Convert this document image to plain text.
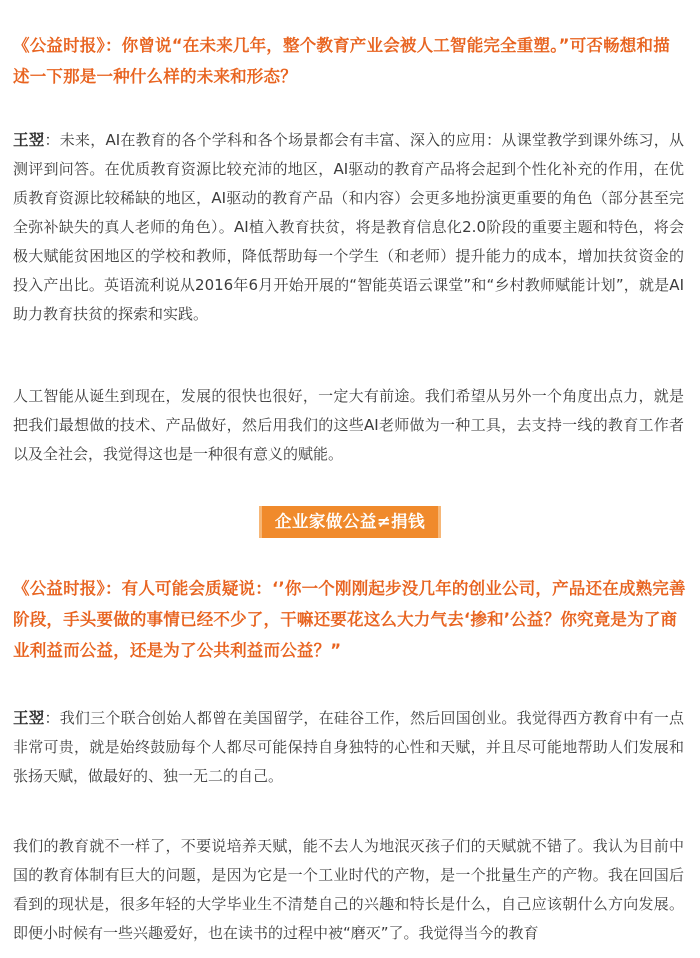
《公益时报》：你曾说“在未来几年，整个教育产业会被人工智能完全重塑。”可否畅想和描述一下那是一种什么样的未来和形态？

王翌：未来，AI在教育的各个学科和各个场景都会有丰富、深入的应用：从课堂教学到课外练习，从测评到问答。在优质教育资源比较充沛的地区，AI驱动的教育产品将会起到个性化补充的作用，在优质教育资源比较稀缺的地区，AI驱动的教育产品（和内容）会更多地扮演更重要的角色（部分甚至完全弥补缺失的真人老师的角色）。AI植入教育扶贫，将是教育信息化2.0阶段的重要主题和特色，将会极大赋能贫困地区的学校和教师，降低帮助每一个学生（和老师）提升能力的成本，增加扶贫资金的投入产出比。英语流利说从2016年6月开始开展的“智能英语云课堂”和“乡村教师赋能计划”，就是AI助力教育扶贫的探索和实践。

人工智能从诞生到现在，发展的很快也很好，一定大有前途。我们希望从另外一个角度出点力，就是把我们最想做的技术、产品做好，然后用我们的这些AI老师做为一种工具，去支持一线的教育工作者以及全社会，我觉得这也是一种很有意义的赋能。

企业家做公益≠捐钱

《公益时报》：有人可能会质疑说：‘’你一个刚刚起步没几年的创业公司，产品还在成熟完善阶段，手头要做的事情已经不少了，干嘛还要花这么大力气去‘掺和’公益？你究竟是为了商业利益而公益，还是为了公共利益而公益？”

王翌：我们三个联合创始人都曾在美国留学，在硅谷工作，然后回国创业。我觉得西方教育中有一点非常可贵，就是始终鼓励每个人都尽可能保持自身独特的心性和天赋，并且尽可能地帮助人们发展和张扬天赋，做最好的、独一无二的自己。

我们的教育就不一样了，不要说培养天赋，能不去人为地泯灭孩子们的天赋就不错了。我认为目前中国的教育体制有巨大的问题，是因为它是一个工业时代的产物，是一个批量生产的产物。我在回国后看到的现状是，很多年轻的大学毕业生不清楚自己的兴趣和特长是什么，自己应该朝什么方向发展。即便小时候有一些兴趣爱好，也在读书的过程中被“磨灭”了。我觉得当今的教育
